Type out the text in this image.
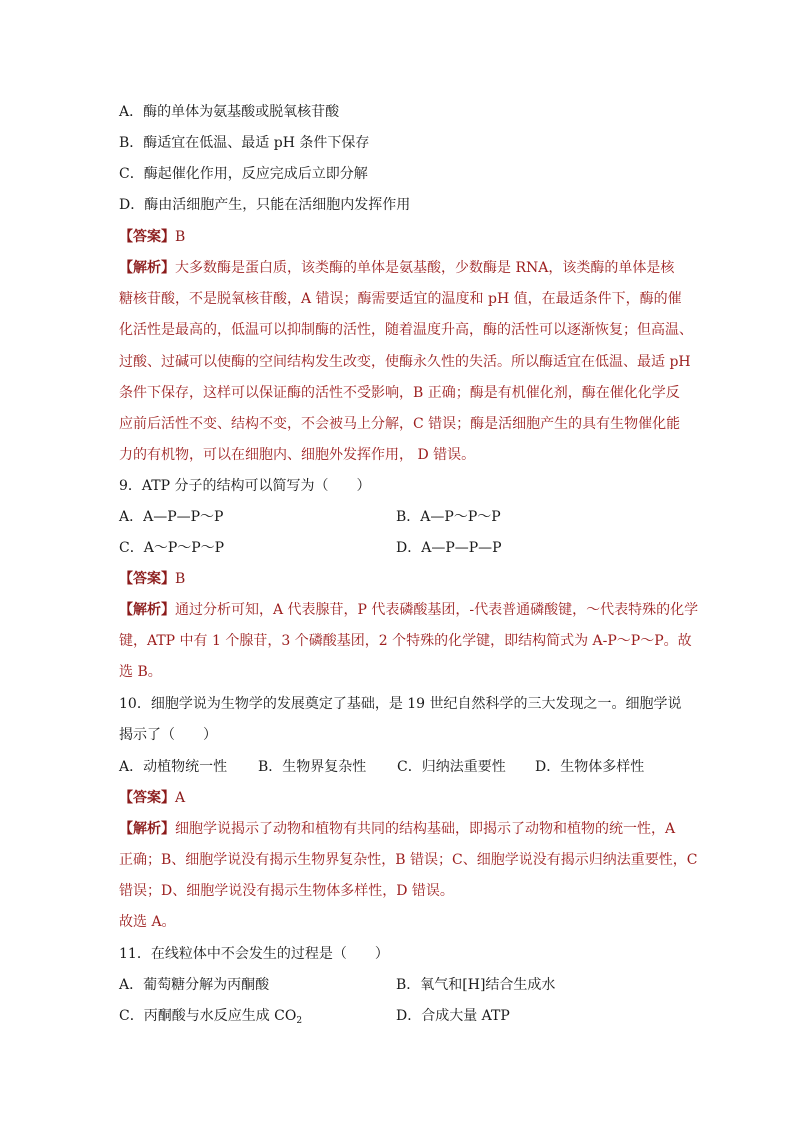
A．酶的单体为氨基酸或脱氧核苷酸
B．酶适宜在低温、最适 pH 条件下保存
C．酶起催化作用，反应完成后立即分解
D．酶由活细胞产生，只能在活细胞内发挥作用
【答案】B
【解析】大多数酶是蛋白质，该类酶的单体是氨基酸，少数酶是 RNA，该类酶的单体是核
糖核苷酸，不是脱氧核苷酸，A 错误；酶需要适宜的温度和 pH 值，在最适条件下，酶的催
化活性是最高的，低温可以抑制酶的活性，随着温度升高，酶的活性可以逐渐恢复；但高温、
过酸、过碱可以使酶的空间结构发生改变，使酶永久性的失活。所以酶适宜在低温、最适 pH
条件下保存，这样可以保证酶的活性不受影响，B 正确；酶是有机催化剂，酶在催化化学反
应前后活性不变、结构不变，不会被马上分解，C 错误；酶是活细胞产生的具有生物催化能
力的有机物，可以在细胞内、细胞外发挥作用， D 错误。
9．ATP 分子的结构可以简写为（　　）
A．A—P—P～P	B．A—P～P～P
C．A～P～P～P	D．A—P—P—P
【答案】B
【解析】通过分析可知，A 代表腺苷，P 代表磷酸基团，-代表普通磷酸键，～代表特殊的化学
键，ATP 中有 1 个腺苷，3 个磷酸基团，2 个特殊的化学键，即结构简式为 A-P～P～P。故
选 B。
10．细胞学说为生物学的发展奠定了基础，是 19 世纪自然科学的三大发现之一。细胞学说
揭示了（　　）
A．动植物统一性 B．生物界复杂性 C．归纳法重要性 D．生物体多样性
【答案】A
【解析】细胞学说揭示了动物和植物有共同的结构基础，即揭示了动物和植物的统一性，A
正确；B、细胞学说没有揭示生物界复杂性，B 错误；C、细胞学说没有揭示归纳法重要性，C
错误；D、细胞学说没有揭示生物体多样性，D 错误。
故选 A。
11．在线粒体中不会发生的过程是（　　）
A．葡萄糖分解为丙酮酸	B．氧气和[H]结合生成水
C．丙酮酸与水反应生成 $CO_2$	D．合成大量 ATP
